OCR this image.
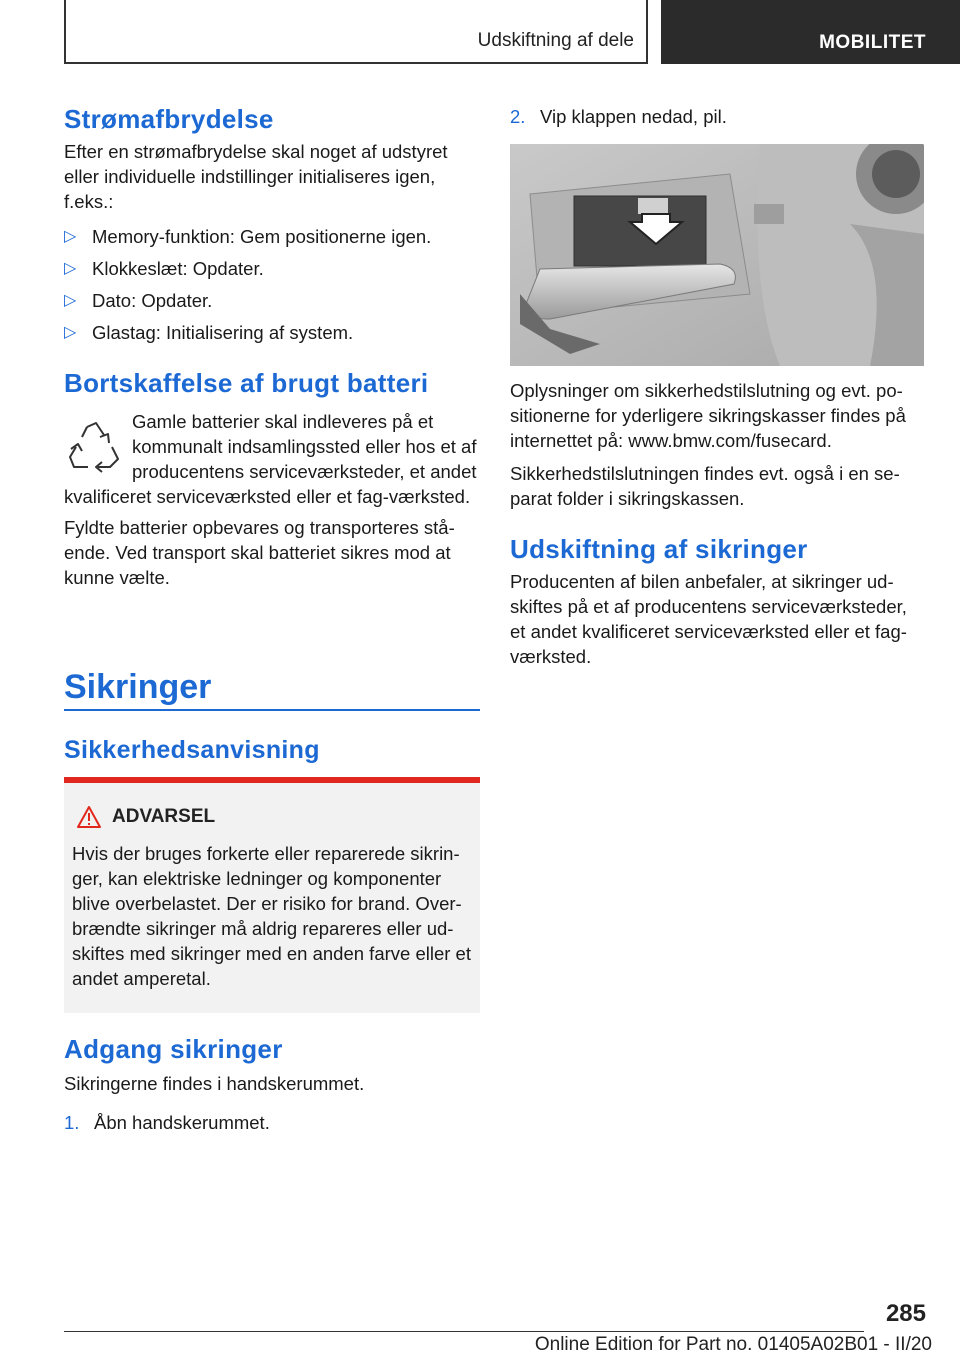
Udskiftning af dele	MOBILITET
Strømafbrydelse

Efter en strømafbrydelse skal noget af udstyret eller individuelle indstillinger initialiseres igen, f.eks.:

▷ Memory-funktion: Gem positionerne igen.
▷ Klokkeslæt: Opdater.
▷ Dato: Opdater.
▷ Glastag: Initialisering af system.
Bortskaffelse af brugt batteri

Gamle batterier skal indleveres på et kommunalt indsamlingssted eller hos et af producentens serviceværksteder, et andet kvalificeret serviceværksted eller et fag-værksted.

Fyldte batterier opbevares og transporteres stå-ende. Ved transport skal batteriet sikres mod at kunne vælte.

Sikringer
Sikkerhedsanvisning
ADVARSEL

Hvis der bruges forkerte eller reparerede sikrin-ger, kan elektriske ledninger og komponenter blive overbelastet. Der er risiko for brand. Over-brændte sikringer må aldrig repareres eller ud-skiftes med sikringer med en anden farve eller et andet amperetal.

Adgang sikringer

Sikringerne findes i handskerummet.

1. Åbn handskerummet.
2. Vip klappen nedad, pil.

Oplysninger om sikkerhedstilslutning og evt. po-sitionerne for yderligere sikringskasser findes på internettet på: www.bmw.com/fusecard.

Sikkerhedstilslutningen findes evt. også i en se-parat folder i sikringskassen.

Udskiftning af sikringer

Producenten af bilen anbefaler, at sikringer ud-skiftes på et af producentens serviceværksteder, et andet kvalificeret serviceværksted eller et fag-værksted.

285
Online Edition for Part no. 01405A02B01 - II/20
